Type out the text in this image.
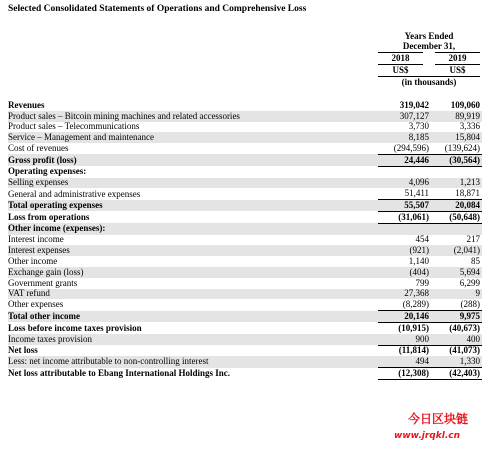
Selected Consolidated Statements of Operations and Comprehensive Loss
Years Ended
December 31,
2018	2019
US$	US$
(in thousands)
Revenues	319,042	109,060
Product sales – Bitcoin mining machines and related accessories	307,127	89,919
Product sales – Telecommunications	3,730	3,336
Service – Management and maintenance	8,185	15,804
Cost of revenues	(294,596)	(139,624)
Gross profit (loss)	24,446	(30,564)
Operating expenses:		
Selling expenses	4,096	1,213
General and administrative expenses	51,411	18,871
Total operating expenses	55,507	20,084
Loss from operations	(31,061)	(50,648)
Other income (expenses):		
Interest income	454	217
Interest expenses	(921)	(2,041)
Other income	1,140	85
Exchange gain (loss)	(404)	5,694
Government grants	799	6,299
VAT refund	27,368	9
Other expenses	(8,289)	(288)
Total other income	20,146	9,975
Loss before income taxes provision	(10,915)	(40,673)
Income taxes provision	900	400
Net loss	(11,814)	(41,073)
Less: net income attributable to non-controlling interest	494	1,330
Net loss attributable to Ebang International Holdings Inc.	(12,308)	(42,403)
今日区块链
www.jrqkl.cn
